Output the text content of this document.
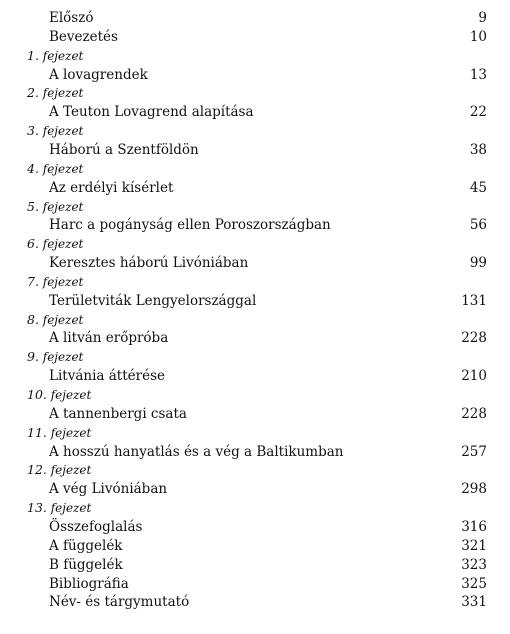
Előszó	9
Bevezetés	10
1. fejezet
A lovagrendek	13
2. fejezet
A Teuton Lovagrend alapítása	22
3. fejezet
Háború a Szentföldön	38
4. fejezet
Az erdélyi kísérlet	45
5. fejezet
Harc a pogányság ellen Poroszországban	56
6. fejezet
Keresztes háború Livóniában	99
7. fejezet
Területviták Lengyelországgal	131
8. fejezet
A litván erőpróba	228
9. fejezet
Litvánia áttérése	210
10. fejezet
A tannenbergi csata	228
11. fejezet
A hosszú hanyatlás és a vég a Baltikumban	257
12. fejezet
A vég Livóniában	298
13. fejezet
Összefoglalás	316
A függelék	321
B függelék	323
Bibliográfia	325
Név- és tárgymutató	331
